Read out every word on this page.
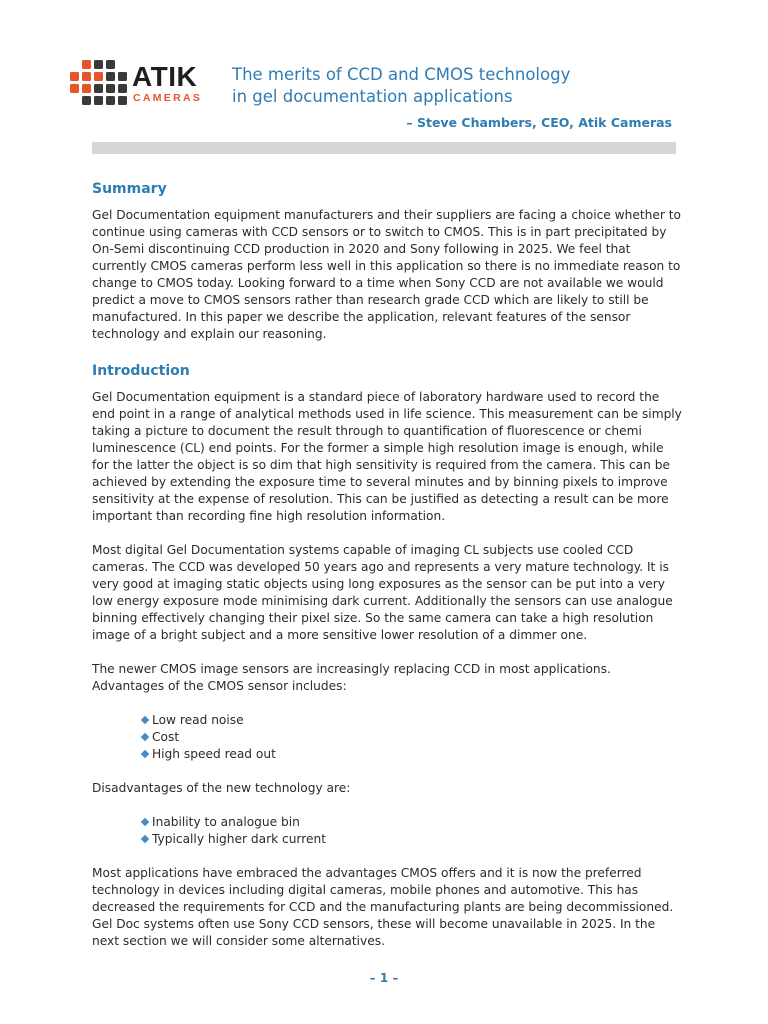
ATIK
CAMERAS
The merits of CCD and CMOS technology
in gel documentation applications
– Steve Chambers, CEO, Atik Cameras
Summary

Gel Documentation equipment manufacturers and their suppliers are facing a choice whether to continue using cameras with CCD sensors or to switch to CMOS. This is in part precipitated by On-Semi discontinuing CCD production in 2020 and Sony following in 2025. We feel that currently CMOS cameras perform less well in this application so there is no immediate reason to change to CMOS today. Looking forward to a time when Sony CCD are not available we would predict a move to CMOS sensors rather than research grade CCD which are likely to still be manufactured. In this paper we describe the application, relevant features of the sensor technology and explain our reasoning.

Introduction

Gel Documentation equipment is a standard piece of laboratory hardware used to record the end point in a range of analytical methods used in life science. This measurement can be simply taking a picture to document the result through to quantification of fluorescence or chemi luminescence (CL) end points. For the former a simple high resolution image is enough, while for the latter the object is so dim that high sensitivity is required from the camera. This can be achieved by extending the exposure time to several minutes and by binning pixels to improve sensitivity at the expense of resolution. This can be justified as detecting a result can be more important than recording fine high resolution information.

Most digital Gel Documentation systems capable of imaging CL subjects use cooled CCD cameras. The CCD was developed 50 years ago and represents a very mature technology. It is very good at imaging static objects using long exposures as the sensor can be put into a very low energy exposure mode minimising dark current. Additionally the sensors can use analogue binning effectively changing their pixel size. So the same camera can take a high resolution image of a bright subject and a more sensitive lower resolution of a dimmer one.

The newer CMOS image sensors are increasingly replacing CCD in most applications. Advantages of the CMOS sensor includes:

Low read noise
Cost
High speed read out

Disadvantages of the new technology are:

Inability to analogue bin
Typically higher dark current

Most applications have embraced the advantages CMOS offers and it is now the preferred technology in devices including digital cameras, mobile phones and automotive. This has decreased the requirements for CCD and the manufacturing plants are being decommissioned. Gel Doc systems often use Sony CCD sensors, these will become unavailable in 2025. In the next section we will consider some alternatives.

– 1 –
